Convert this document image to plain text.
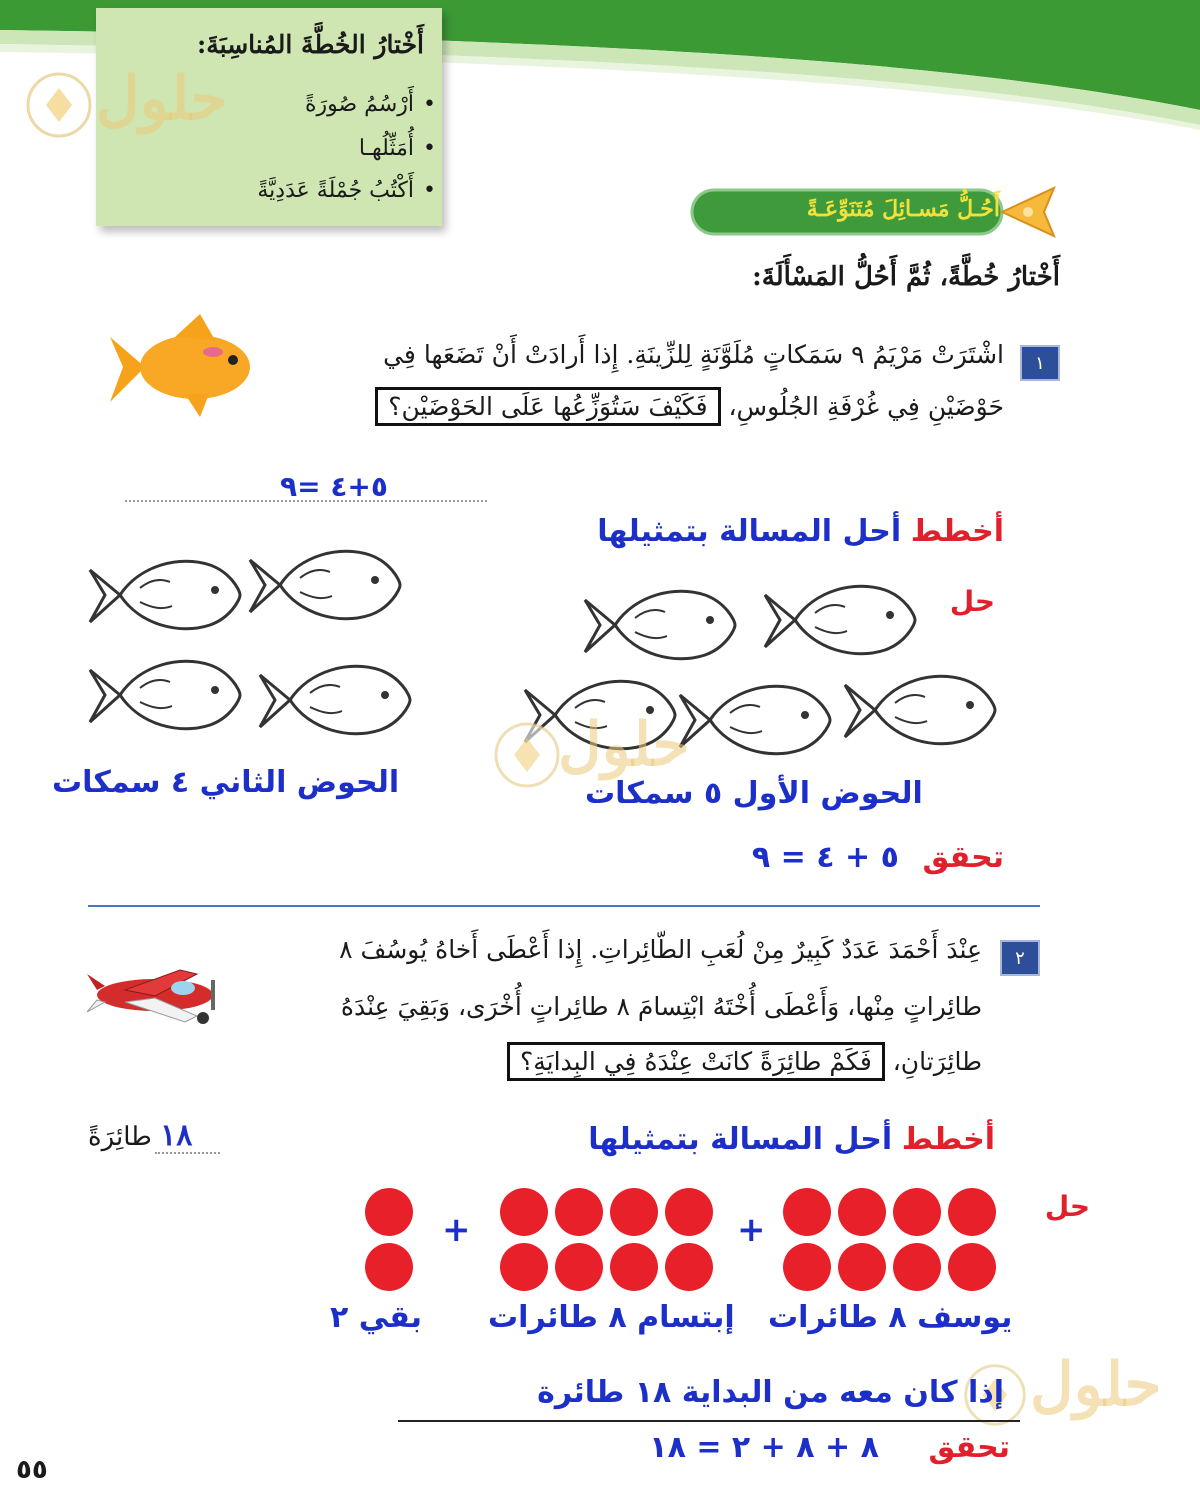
أَخْتارُ الخُطَّةَ المُناسِبَةَ:
أَرْسُمُ صُورَةً •
أُمَثِّلُهـا •
أَكْتُبُ جُمْلَةً عَدَدِيَّةً •
حلول
أَحُـلُّ مَسـائِلَ مُتَنَوِّعَـةً
أَخْتارُ خُطَّةً، ثُمَّ أَحُلُّ المَسْأَلَةَ:
١
اشْتَرَتْ مَرْيَمُ ٩ سَمَكاتٍ مُلَوَّنَةٍ لِلزِّينَةِ. إِذا أَرادَتْ أَنْ تَضَعَها فِي
حَوْضَيْنِ فِي غُرْفَةِ الجُلُوسِ، فَكَيْفَ سَتُوَزِّعُها عَلَى الحَوْضَيْنِ؟
٥+٤ =٩
أخطط أحل المسالة بتمثيلها
حل
حلول
الحوض الأول ٥ سمكات
الحوض الثاني ٤ سمكات
تحقق ٥ + ٤ = ٩
٢
عِنْدَ أَحْمَدَ عَدَدٌ كَبِيرٌ مِنْ لُعَبِ الطّائِراتِ. إِذا أَعْطَى أَخاهُ يُوسُفَ ٨
طائِراتٍ مِنْها، وَأَعْطَى أُخْتَهُ ابْتِسامَ ٨ طائِراتٍ أُخْرَى، وَبَقِيَ عِنْدَهُ
طائِرَتانِ، فَكَمْ طائِرَةً كانَتْ عِنْدَهُ فِي البِدايَةِ؟
١٨ طائِرَةً	أخطط أحل المسالة بتمثيلها
حل
+
+
يوسف ٨ طائرات
إبتسام ٨ طائرات
بقي ٢
حلول
إذا كان معه من البداية ١٨ طائرة
تحقق ٨ + ٨ + ٢ = ١٨
٥٥
